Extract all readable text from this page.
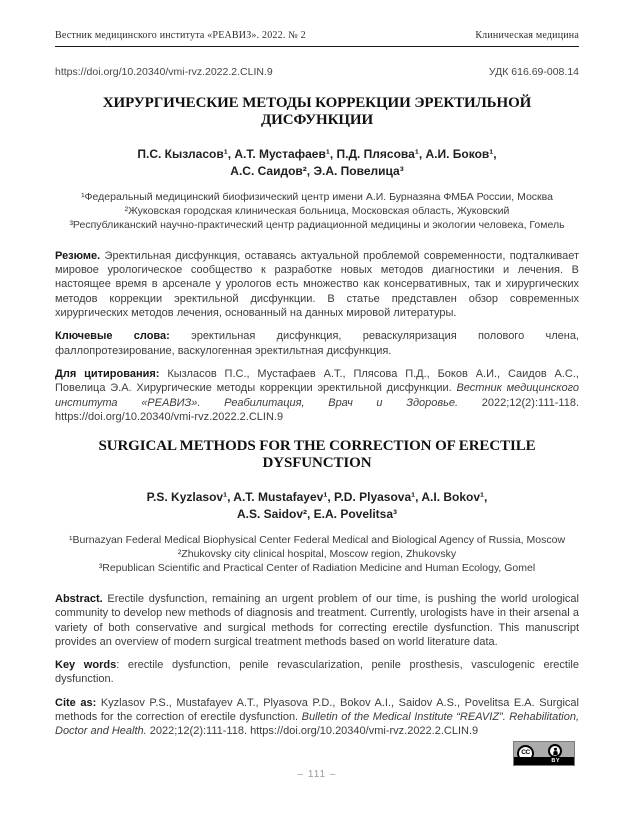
Вестник медицинского института «РЕАВИЗ». 2022. № 2	Клиническая медицина
https://doi.org/10.20340/vmi-rvz.2022.2.CLIN.9	УДК 616.69-008.14
ХИРУРГИЧЕСКИЕ МЕТОДЫ КОРРЕКЦИИ ЭРЕКТИЛЬНОЙ ДИСФУНКЦИИ
П.С. Кызласов¹, А.Т. Мустафаев¹, П.Д. Плясова¹, А.И. Боков¹,
А.С. Саидов², Э.А. Повелица³
¹Федеральный медицинский биофизический центр имени А.И. Бурназяна ФМБА России, Москва
²Жуковская городская клиническая больница, Московская область, Жуковский
³Республиканский научно-практический центр радиационной медицины и экологии человека, Гомель

Резюме. Эректильная дисфункция, оставаясь актуальной проблемой современности, подталкивает мировое урологическое сообщество к разработке новых методов диагностики и лечения. В настоящее время в арсенале у урологов есть множество как консервативных, так и хирургических методов коррекции эректильной дисфункции. В статье представлен обзор современных хирургических методов лечения, основанный на данных мировой литературы.

Ключевые слова: эректильная дисфункция, реваскуляризация полового члена, фаллопротезирование, васкулогенная эректильтная дисфункция.

Для цитирования: Кызласов П.С., Мустафаев А.Т., Плясова П.Д., Боков А.И., Саидов А.С., Повелица Э.А. Хирургические методы коррекции эректильной дисфункции. Вестник медицинского института «РЕАВИЗ». Реабилитация, Врач и Здоровье. 2022;12(2):111-118. https://doi.org/10.20340/vmi-rvz.2022.2.CLIN.9

SURGICAL METHODS FOR THE CORRECTION OF ERECTILE DYSFUNCTION
P.S. Kyzlasov¹, A.T. Mustafayev¹, P.D. Plyasova¹, A.I. Bokov¹,
A.S. Saidov², E.A. Povelitsa³
¹Burnazyan Federal Medical Biophysical Center Federal Medical and Biological Agency of Russia, Moscow
²Zhukovsky city clinical hospital, Moscow region, Zhukovsky
³Republican Scientific and Practical Center of Radiation Medicine and Human Ecology, Gomel

Abstract. Erectile dysfunction, remaining an urgent problem of our time, is pushing the world urological community to develop new methods of diagnosis and treatment. Currently, urologists have in their arsenal a variety of both conservative and surgical methods for correcting erectile dysfunction. This manuscript provides an overview of modern surgical treatment methods based on world literature data.

Key words: erectile dysfunction, penile revascularization, penile prosthesis, vasculogenic erectile dysfunction.

Cite as: Kyzlasov P.S., Mustafayev A.T., Plyasova P.D., Bokov A.I., Saidov A.S., Povelitsa E.A. Surgical methods for the correction of erectile dysfunction. Bulletin of the Medical Institute “REAVIZ”. Rehabilitation, Doctor and Health. 2022;12(2):111-118. https://doi.org/10.20340/vmi-rvz.2022.2.CLIN.9

CC
BY
– 111 –
